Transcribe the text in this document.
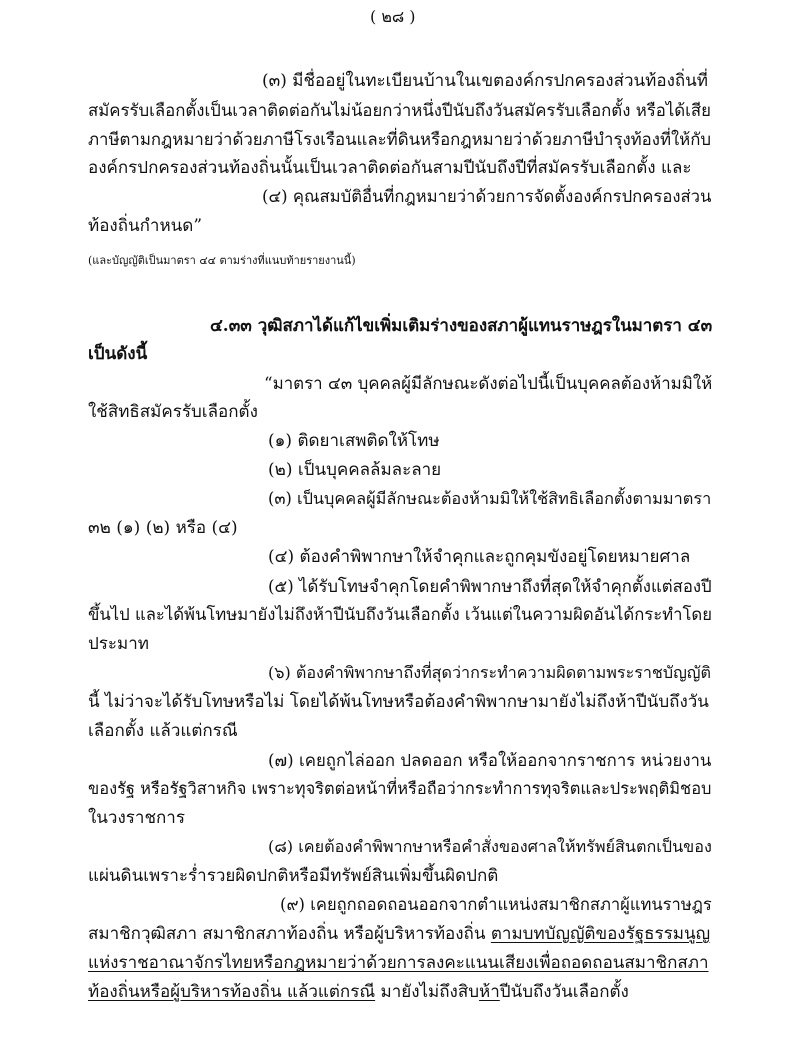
( ๒๘ )
(๓) มีชื่ออยู่ในทะเบียนบ้านในเขตองค์กรปกครองส่วนท้องถิ่นที่
สมัครรับเลือกตั้งเป็นเวลาติดต่อกันไม่น้อยกว่าหนึ่งปีนับถึงวันสมัครรับเลือกตั้ง หรือได้เสีย
ภาษีตามกฎหมายว่าด้วยภาษีโรงเรือนและที่ดินหรือกฎหมายว่าด้วยภาษีบำรุงท้องที่ให้กับ
องค์กรปกครองส่วนท้องถิ่นนั้นเป็นเวลาติดต่อกันสามปีนับถึงปีที่สมัครรับเลือกตั้ง และ
(๔) คุณสมบัติอื่นที่กฎหมายว่าด้วยการจัดตั้งองค์กรปกครองส่วน
ท้องถิ่นกำหนด”
(และบัญญัติเป็นมาตรา ๔๔ ตามร่างที่แนบท้ายรายงานนี้)
๔.๓๓ วุฒิสภาได้แก้ไขเพิ่มเติมร่างของสภาผู้แทนราษฎรในมาตรา ๔๓
เป็นดังนี้
“มาตรา ๔๓ บุคคลผู้มีลักษณะดังต่อไปนี้เป็นบุคคลต้องห้ามมิให้
ใช้สิทธิสมัครรับเลือกตั้ง
(๑) ติดยาเสพติดให้โทษ
(๒) เป็นบุคคลล้มละลาย
(๓) เป็นบุคคลผู้มีลักษณะต้องห้ามมิให้ใช้สิทธิเลือกตั้งตามมาตรา
๓๒ (๑) (๒) หรือ (๔)
(๔) ต้องคำพิพากษาให้จำคุกและถูกคุมขังอยู่โดยหมายศาล
(๕) ได้รับโทษจำคุกโดยคำพิพากษาถึงที่สุดให้จำคุกตั้งแต่สองปี
ขึ้นไป และได้พ้นโทษมายังไม่ถึงห้าปีนับถึงวันเลือกตั้ง เว้นแต่ในความผิดอันได้กระทำโดย
ประมาท
(๖) ต้องคำพิพากษาถึงที่สุดว่ากระทำความผิดตามพระราชบัญญัติ
นี้ ไม่ว่าจะได้รับโทษหรือไม่ โดยได้พ้นโทษหรือต้องคำพิพากษามายังไม่ถึงห้าปีนับถึงวัน
เลือกตั้ง แล้วแต่กรณี
(๗) เคยถูกไล่ออก ปลดออก หรือให้ออกจากราชการ หน่วยงาน
ของรัฐ หรือรัฐวิสาหกิจ เพราะทุจริตต่อหน้าที่หรือถือว่ากระทำการทุจริตและประพฤติมิชอบ
ในวงราชการ
(๘) เคยต้องคำพิพากษาหรือคำสั่งของศาลให้ทรัพย์สินตกเป็นของ
แผ่นดินเพราะร่ำรวยผิดปกติหรือมีทรัพย์สินเพิ่มขึ้นผิดปกติ
(๙) เคยถูกถอดถอนออกจากตำแหน่งสมาชิกสภาผู้แทนราษฎร
สมาชิกวุฒิสภา สมาชิกสภาท้องถิ่น หรือผู้บริหารท้องถิ่น ตามบทบัญญัติของรัฐธรรมนูญ
แห่งราชอาณาจักรไทยหรือกฎหมายว่าด้วยการลงคะแนนเสียงเพื่อถอดถอนสมาชิกสภา
ท้องถิ่นหรือผู้บริหารท้องถิ่น แล้วแต่กรณี มายังไม่ถึงสิบห้าปีนับถึงวันเลือกตั้ง
